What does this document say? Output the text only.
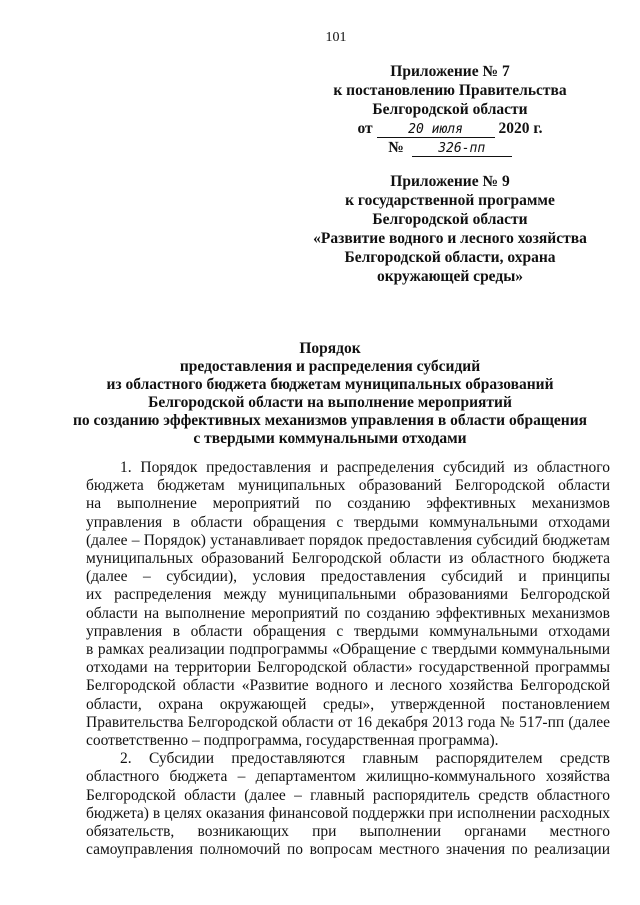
101
Приложение № 7
к постановлению Правительства
Белгородской области
от	20 июля 2020 г.
№	326-пп
Приложение № 9
к государственной программе
Белгородской области
«Развитие водного и лесного хозяйства
Белгородской области, охрана
окружающей среды»
Порядок
предоставления и распределения субсидий
из областного бюджета бюджетам муниципальных образований
Белгородской области на выполнение мероприятий
по созданию эффективных механизмов управления в области обращения
с твердыми коммунальными отходами
1. Порядок предоставления и распределения субсидий из областного
бюджета бюджетам муниципальных образований Белгородской области
на выполнение мероприятий по созданию эффективных механизмов
управления в области обращения с твердыми коммунальными отходами
(далее – Порядок) устанавливает порядок предоставления субсидий бюджетам
муниципальных образований Белгородской области из областного бюджета
(далее – субсидии), условия предоставления субсидий и принципы
их распределения между муниципальными образованиями Белгородской
области на выполнение мероприятий по созданию эффективных механизмов
управления в области обращения с твердыми коммунальными отходами
в рамках реализации подпрограммы «Обращение с твердыми коммунальными
отходами на территории Белгородской области» государственной программы
Белгородской области «Развитие водного и лесного хозяйства Белгородской
области, охрана окружающей среды», утвержденной постановлением
Правительства Белгородской области от 16 декабря 2013 года № 517-пп (далее
соответственно – подпрограмма, государственная программа).
2. Субсидии предоставляются главным распорядителем средств
областного бюджета – департаментом жилищно-коммунального хозяйства
Белгородской области (далее – главный распорядитель средств областного
бюджета) в целях оказания финансовой поддержки при исполнении расходных
обязательств, возникающих при выполнении органами местного
самоуправления полномочий по вопросам местного значения по реализации
